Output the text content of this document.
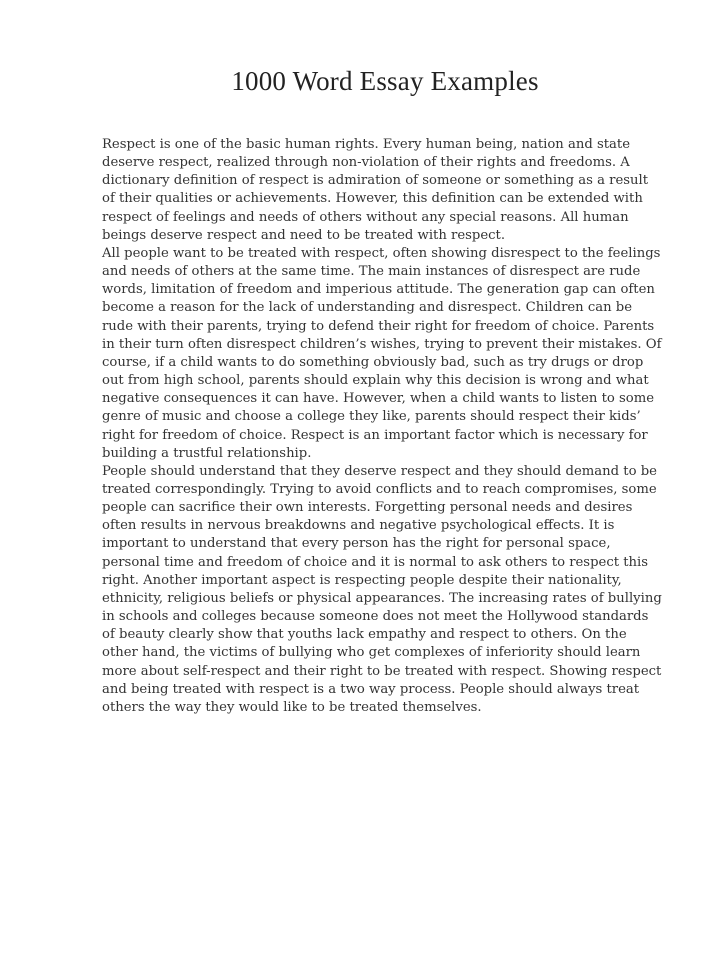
1000 Word Essay Examples

Respect is one of the basic human rights. Every human being, nation and state deserve respect, realized through non-violation of their rights and freedoms. A dictionary definition of respect is admiration of someone or something as a result of their qualities or achievements. However, this definition can be extended with respect of feelings and needs of others without any special reasons. All human beings deserve respect and need to be treated with respect.

All people want to be treated with respect, often showing disrespect to the feelings and needs of others at the same time. The main instances of disrespect are rude words, limitation of freedom and imperious attitude. The generation gap can often become a reason for the lack of understanding and disrespect. Children can be rude with their parents, trying to defend their right for freedom of choice. Parents in their turn often disrespect children’s wishes, trying to prevent their mistakes. Of course, if a child wants to do something obviously bad, such as try drugs or drop out from high school, parents should explain why this decision is wrong and what negative consequences it can have. However, when a child wants to listen to some genre of music and choose a college they like, parents should respect their kids’ right for freedom of choice. Respect is an important factor which is necessary for building a trustful relationship.

People should understand that they deserve respect and they should demand to be treated correspondingly. Trying to avoid conflicts and to reach compromises, some people can sacrifice their own interests. Forgetting personal needs and desires often results in nervous breakdowns and negative psychological effects. It is important to understand that every person has the right for personal space, personal time and freedom of choice and it is normal to ask others to respect this right. Another important aspect is respecting people despite their nationality, ethnicity, religious beliefs or physical appearances. The increasing rates of bullying in schools and colleges because someone does not meet the Hollywood standards of beauty clearly show that youths lack empathy and respect to others. On the other hand, the victims of bullying who get complexes of inferiority should learn more about self-respect and their right to be treated with respect. Showing respect and being treated with respect is a two way process. People should always treat others the way they would like to be treated themselves.
